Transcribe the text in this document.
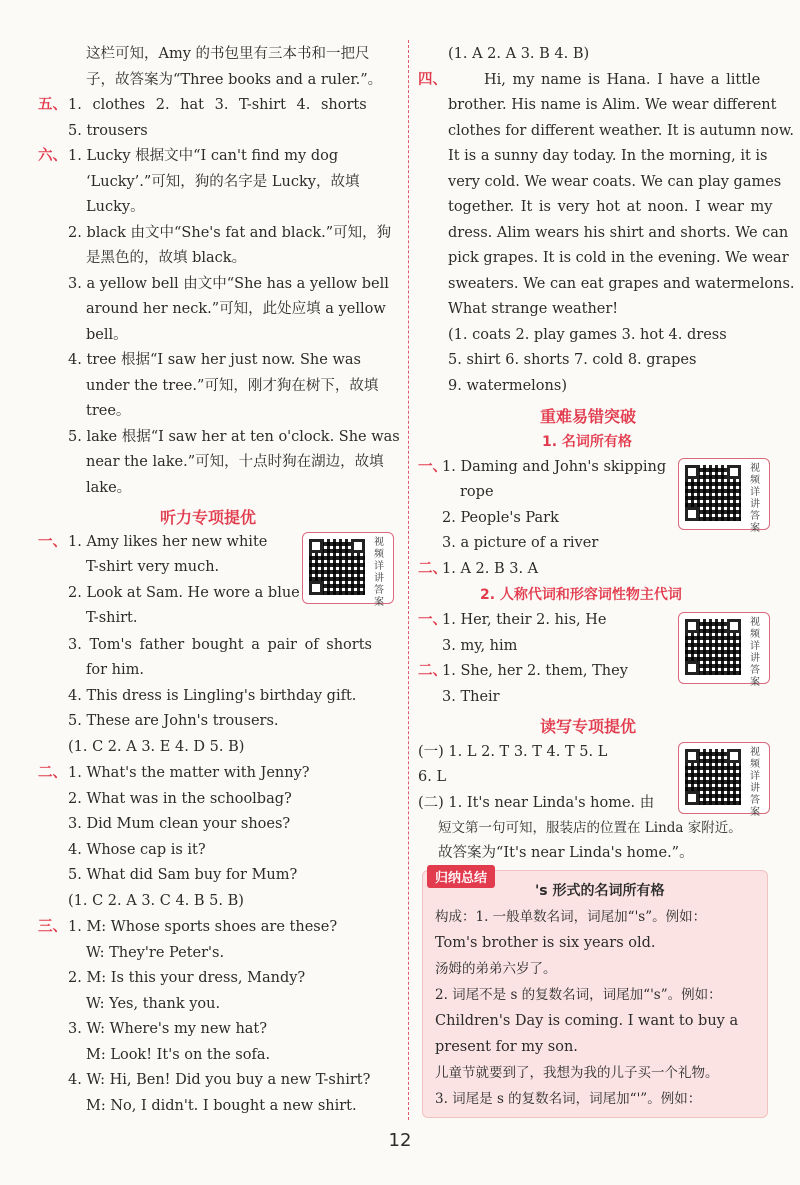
这栏可知，Amy 的书包里有三本书和一把尺
子，故答案为“Three books and a ruler.”。
五、 1. clothes 2. hat 3. T-shirt 4. shorts
5. trousers
六、 1. Lucky 根据文中“I can't find my dog
‘Lucky’.”可知，狗的名字是 Lucky，故填
Lucky。
2. black 由文中“She's fat and black.”可知，狗
是黑色的，故填 black。
3. a yellow bell 由文中“She has a yellow bell
around her neck.”可知，此处应填 a yellow
bell。
4. tree 根据“I saw her just now. She was
under the tree.”可知，刚才狗在树下，故填
tree。
5. lake 根据“I saw her at ten o'clock. She was
near the lake.”可知，十点时狗在湖边，故填
lake。
听力专项提优
一、 1. Amy likes her new white
T-shirt very much.
2. Look at Sam. He wore a blue
T-shirt.
视频详讲答案
3. Tom's father bought a pair of shorts
for him.
4. This dress is Lingling's birthday gift.
5. These are John's trousers.
(1. C 2. A 3. E 4. D 5. B)
二、 1. What's the matter with Jenny?
2. What was in the schoolbag?
3. Did Mum clean your shoes?
4. Whose cap is it?
5. What did Sam buy for Mum?
(1. C 2. A 3. C 4. B 5. B)
三、 1. M: Whose sports shoes are these?
W: They're Peter's.
2. M: Is this your dress, Mandy?
W: Yes, thank you.
3. W: Where's my new hat?
M: Look! It's on the sofa.
4. W: Hi, Ben! Did you buy a new T-shirt?
M: No, I didn't. I bought a new shirt.
(1. A 2. A 3. B 4. B)
四、	Hi, my name is Hana. I have a little
brother. His name is Alim. We wear different
clothes for different weather. It is autumn now.
It is a sunny day today. In the morning, it is
very cold. We wear coats. We can play games
together. It is very hot at noon. I wear my
dress. Alim wears his shirt and shorts. We can
pick grapes. It is cold in the evening. We wear
sweaters. We can eat grapes and watermelons.
What strange weather!
(1. coats 2. play games 3. hot 4. dress
5. shirt 6. shorts 7. cold 8. grapes
9. watermelons)
重难易错突破
1. 名词所有格
一、
1. Daming and John's skipping
rope
2. People's Park
3. a picture of a river
视频详讲答案
二、
1. A 2. B 3. A
2. 人称代词和形容词性物主代词
一、
1. Her, their 2. his, He
3. my, him
二、
1. She, her 2. them, They
3. Their
视频详讲答案
读写专项提优
(一) 1. L 2. T 3. T 4. T 5. L
6. L
(二) 1. It's near Linda's home. 由
短文第一句可知，服装店的位置在 Linda 家附近。
故答案为“It's near Linda's home.”。
视频详讲答案
归纳总结
's 形式的名词所有格
构成：1. 一般单数名词，词尾加“'s”。例如：
Tom's brother is six years old.
汤姆的弟弟六岁了。
2. 词尾不是 s 的复数名词，词尾加“'s”。例如：
Children's Day is coming. I want to buy a
present for my son.
儿童节就要到了，我想为我的儿子买一个礼物。
3. 词尾是 s 的复数名词，词尾加“'”。例如：
12
